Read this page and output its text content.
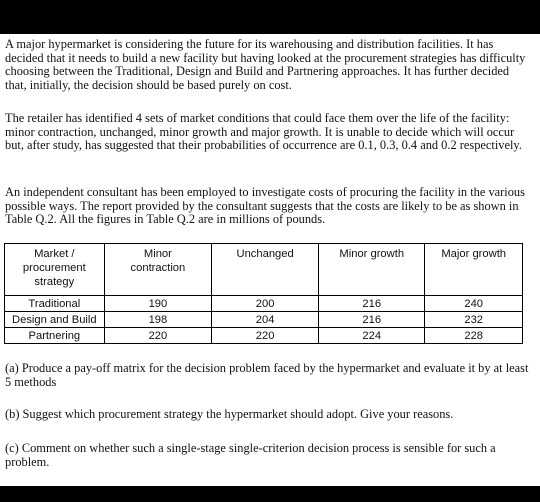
A major hypermarket is considering the future for its warehousing and distribution facilities. It has decided that it needs to build a new facility but having looked at the procurement strategies has difficulty choosing between the Traditional, Design and Build and Partnering approaches. It has further decided that, initially, the decision should be based purely on cost.

The retailer has identified 4 sets of market conditions that could face them over the life of the facility: minor contraction, unchanged, minor growth and major growth. It is unable to decide which will occur but, after study, has suggested that their probabilities of occurrence are 0.1, 0.3, 0.4 and 0.2 respectively.

An independent consultant has been employed to investigate costs of procuring the facility in the various possible ways. The report provided by the consultant suggests that the costs are likely to be as shown in Table Q.2. All the figures in Table Q.2 are in millions of pounds.

Market / procurement strategy	Minor contraction	Unchanged	Minor growth	Major growth
Traditional	190	200	216	240
Design and Build	198	204	216	232
Partnering	220	220	224	228

(a) Produce a pay-off matrix for the decision problem faced by the hypermarket and evaluate it by at least 5 methods

(b) Suggest which procurement strategy the hypermarket should adopt. Give your reasons.

(c) Comment on whether such a single-stage single-criterion decision process is sensible for such a problem.
